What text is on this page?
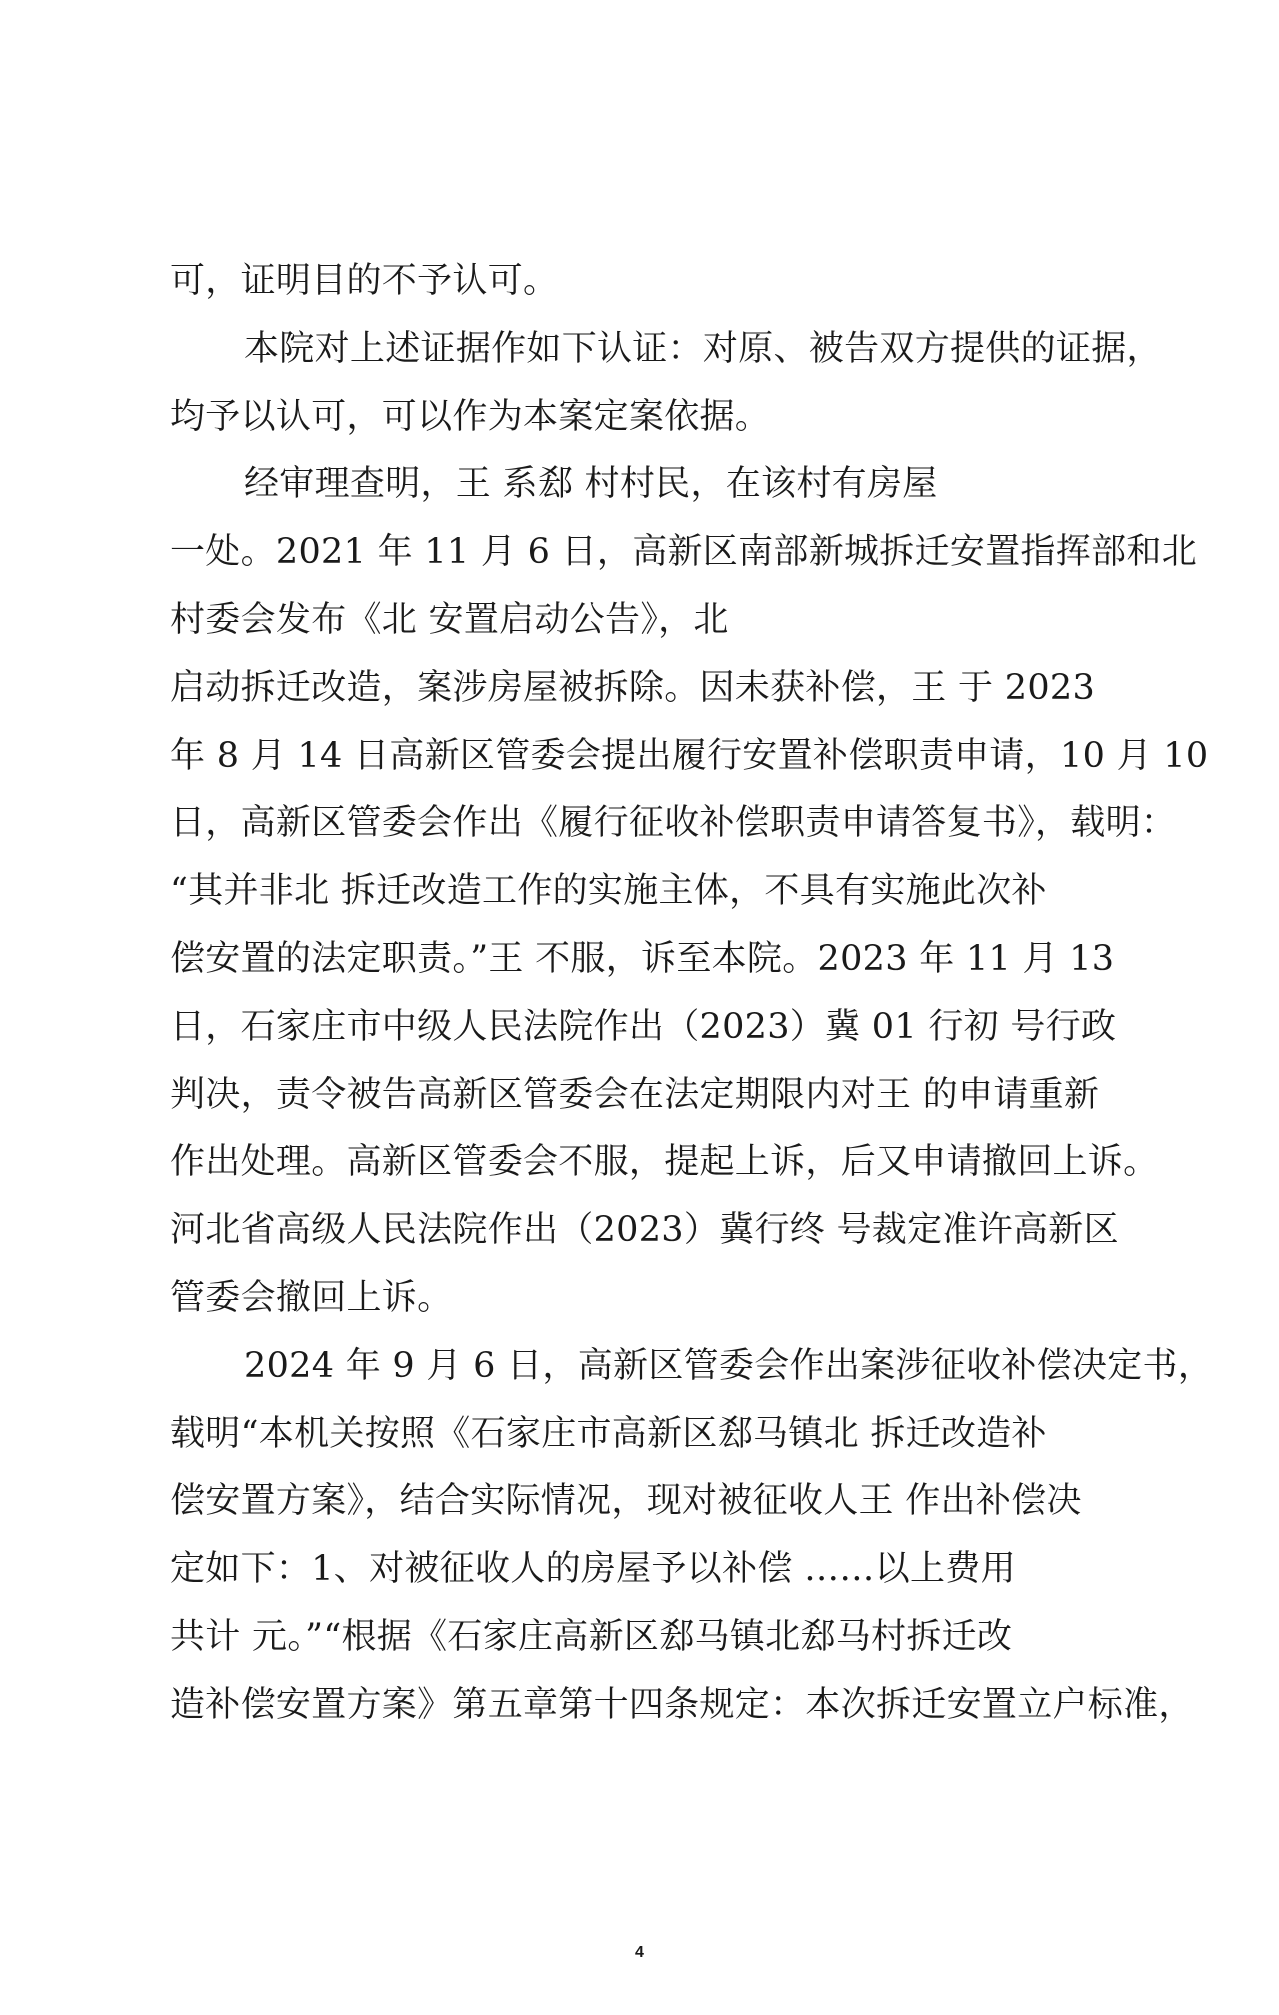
可，证明目的不予认可。
本院对上述证据作如下认证：对原、被告双方提供的证据，
均予以认可，可以作为本案定案依据。
经审理查明，王 系郄 村村民，在该村有房屋
一处。2021 年 11 月 6 日，高新区南部新城拆迁安置指挥部和北
村委会发布《北 安置启动公告》，北
启动拆迁改造，案涉房屋被拆除。因未获补偿，王 于 2023
年 8 月 14 日高新区管委会提出履行安置补偿职责申请，10 月 10
日，高新区管委会作出《履行征收补偿职责申请答复书》，载明：
“其并非北 拆迁改造工作的实施主体，不具有实施此次补
偿安置的法定职责。”王 不服，诉至本院。2023 年 11 月 13
日，石家庄市中级人民法院作出（2023）冀 01 行初 号行政
判决，责令被告高新区管委会在法定期限内对王 的申请重新
作出处理。高新区管委会不服，提起上诉，后又申请撤回上诉。
河北省高级人民法院作出（2023）冀行终 号裁定准许高新区
管委会撤回上诉。
2024 年 9 月 6 日，高新区管委会作出案涉征收补偿决定书，
载明“本机关按照《石家庄市高新区郄马镇北 拆迁改造补
偿安置方案》，结合实际情况，现对被征收人王 作出补偿决
定如下：1、对被征收人的房屋予以补偿 ……以上费用
共计 元。”“根据《石家庄高新区郄马镇北郄马村拆迁改
造补偿安置方案》第五章第十四条规定：本次拆迁安置立户标准，
4
